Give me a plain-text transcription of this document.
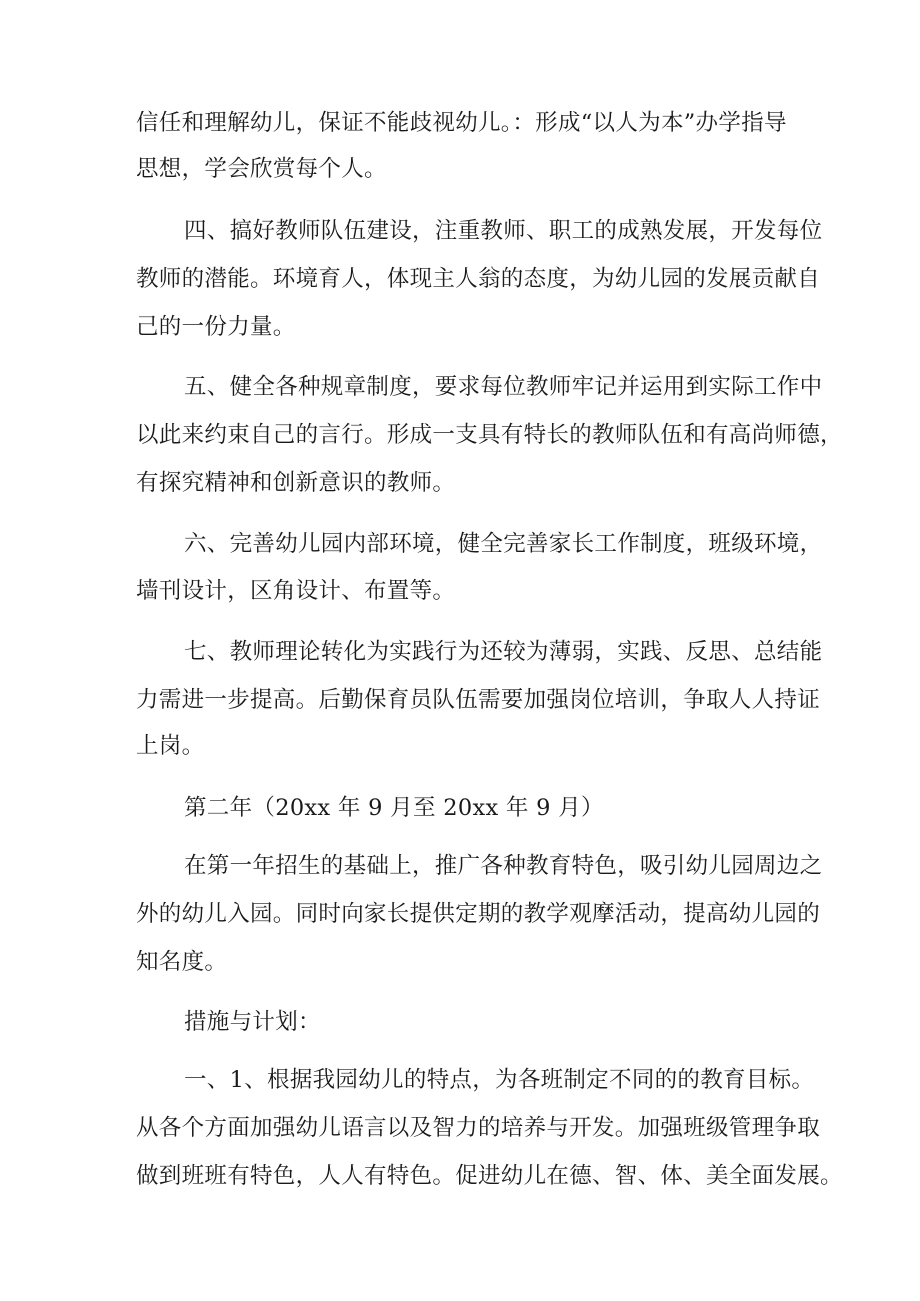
信任和理解幼儿，保证不能歧视幼儿。：形成“以人为本”办学指导
思想，学会欣赏每个人。
四、搞好教师队伍建设，注重教师、职工的成熟发展，开发每位
教师的潜能。环境育人，体现主人翁的态度，为幼儿园的发展贡献自
己的一份力量。
五、健全各种规章制度，要求每位教师牢记并运用到实际工作中
以此来约束自己的言行。形成一支具有特长的教师队伍和有高尚师德，
有探究精神和创新意识的教师。
六、完善幼儿园内部环境，健全完善家长工作制度，班级环境，
墙刊设计，区角设计、布置等。
七、教师理论转化为实践行为还较为薄弱，实践、反思、总结能
力需进一步提高。后勤保育员队伍需要加强岗位培训，争取人人持证
上岗。
第二年（20xx 年 9 月至 20xx 年 9 月）
在第一年招生的基础上，推广各种教育特色，吸引幼儿园周边之
外的幼儿入园。同时向家长提供定期的教学观摩活动，提高幼儿园的
知名度。
措施与计划：
一、1、根据我园幼儿的特点，为各班制定不同的的教育目标。
从各个方面加强幼儿语言以及智力的培养与开发。加强班级管理争取
做到班班有特色，人人有特色。促进幼儿在德、智、体、美全面发展。
